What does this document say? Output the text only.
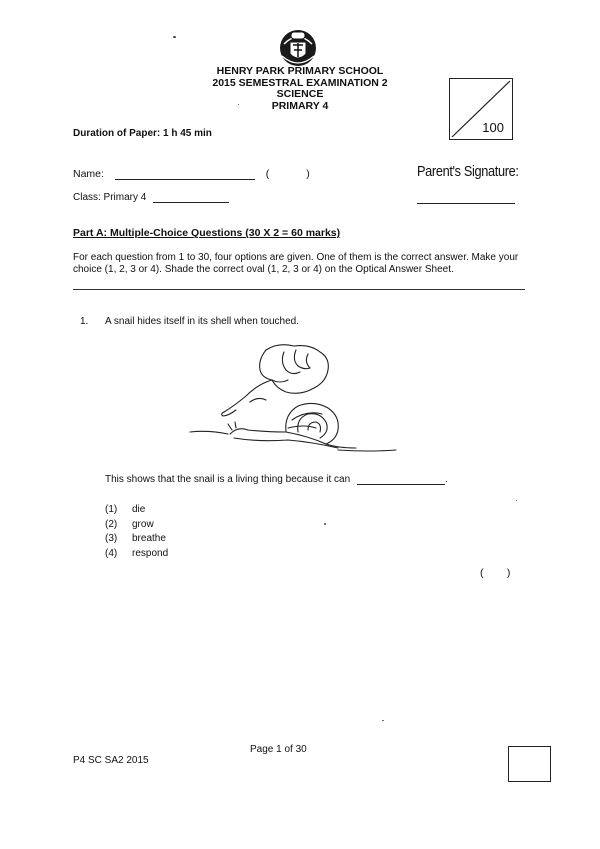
HENRY PARK PRIMARY SCHOOL
2015 SEMESTRAL EXAMINATION 2
SCIENCE
PRIMARY 4
100
Duration of Paper: 1 h 45 min
Name:	(	)	Parent's Signature:
Class: Primary 4
Part A: Multiple-Choice Questions (30 X 2 = 60 marks)
For each question from 1 to 30, four options are given. One of them is the correct answer. Make your choice (1, 2, 3 or 4). Shade the correct oval (1, 2, 3 or 4) on the Optical Answer Sheet.
1. A snail hides itself in its shell when touched.
This shows that the snail is a living thing because it can	.
(1) die
(2) grow
(3) breathe
(4) respond
(        )
Page 1 of 30
P4 SC SA2 2015
